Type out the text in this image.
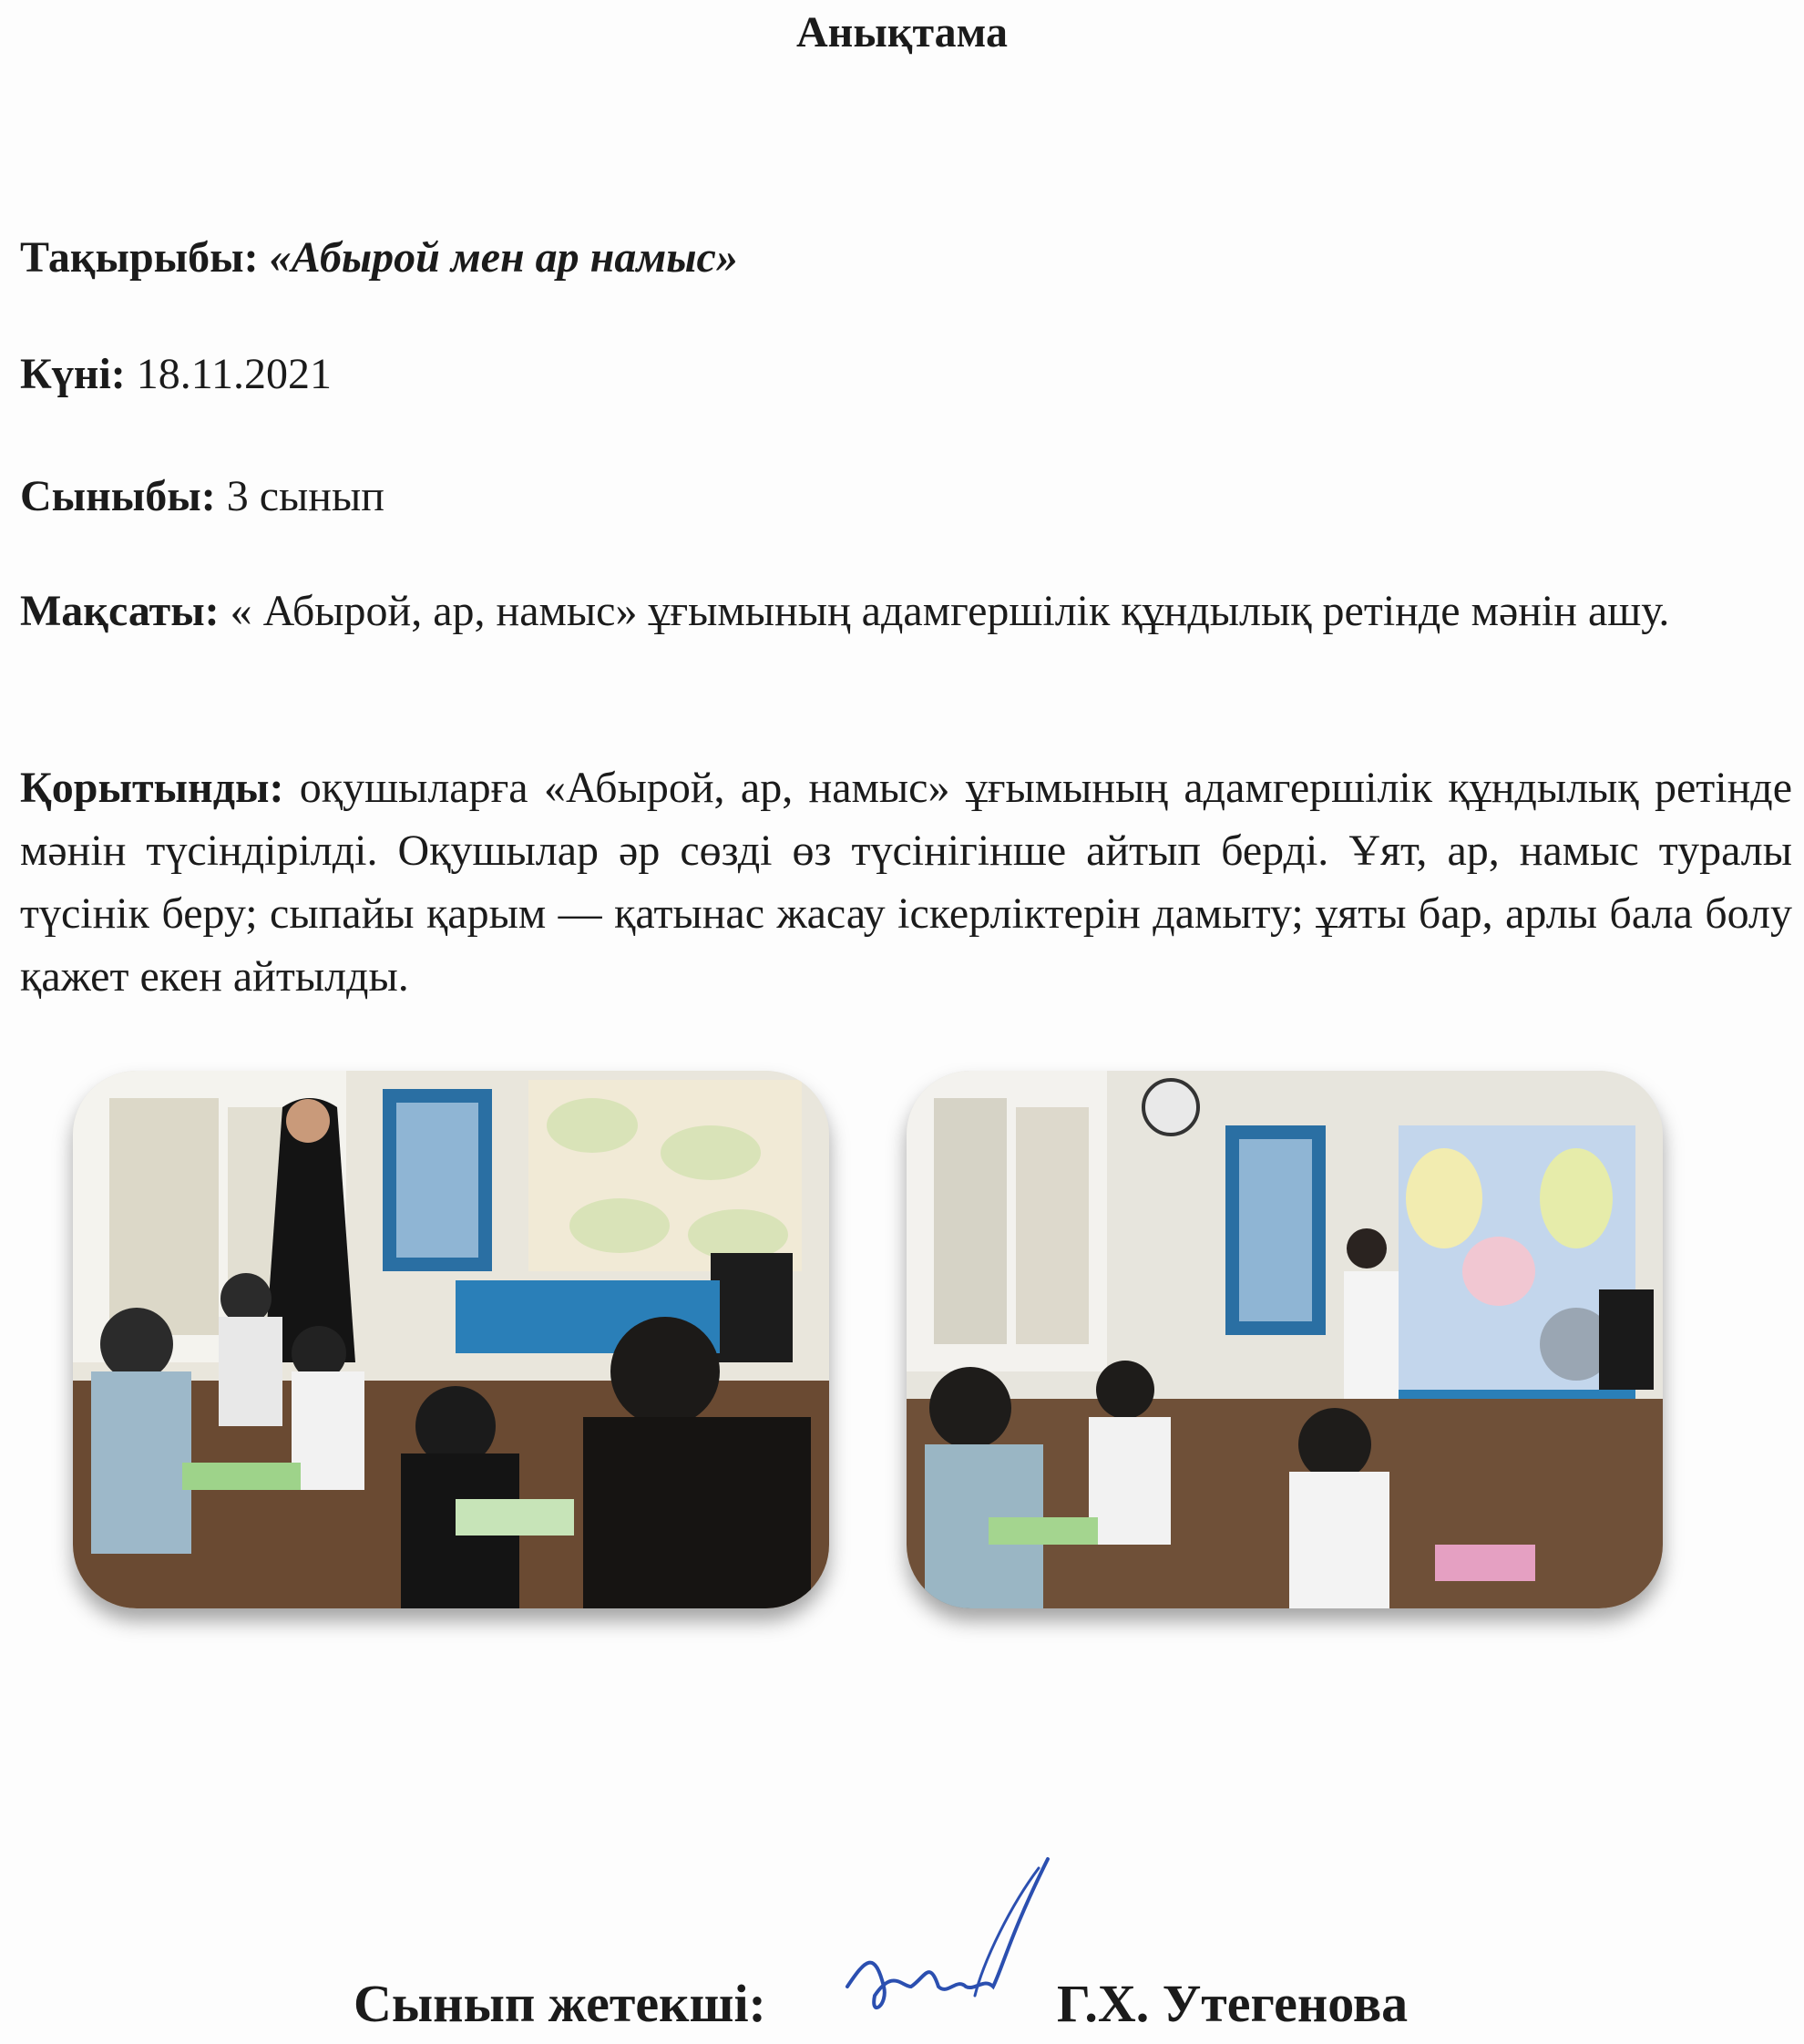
Анықтама
Тақырыбы: «Абырой мен ар намыс»
Күні: 18.11.2021
Сыныбы: 3 сынып
Мақсаты: « Абырой, ар, намыс» ұғымының адамгершілік құндылық ретінде мәнін ашу.
Қорытынды: оқушыларға «Абырой, ар, намыс» ұғымының адамгершілік құндылық ретінде мәнін түсіндірілді. Оқушылар әр сөзді өз түсінігінше айтып берді. Ұят, ар, намыс туралы түсінік беру; сыпайы қарым — қатынас жасау іскерліктерін дамыту; ұяты бар, арлы бала болу қажет екен айтылды.
Сынып жетекші:	Г.Х. Утегенова
